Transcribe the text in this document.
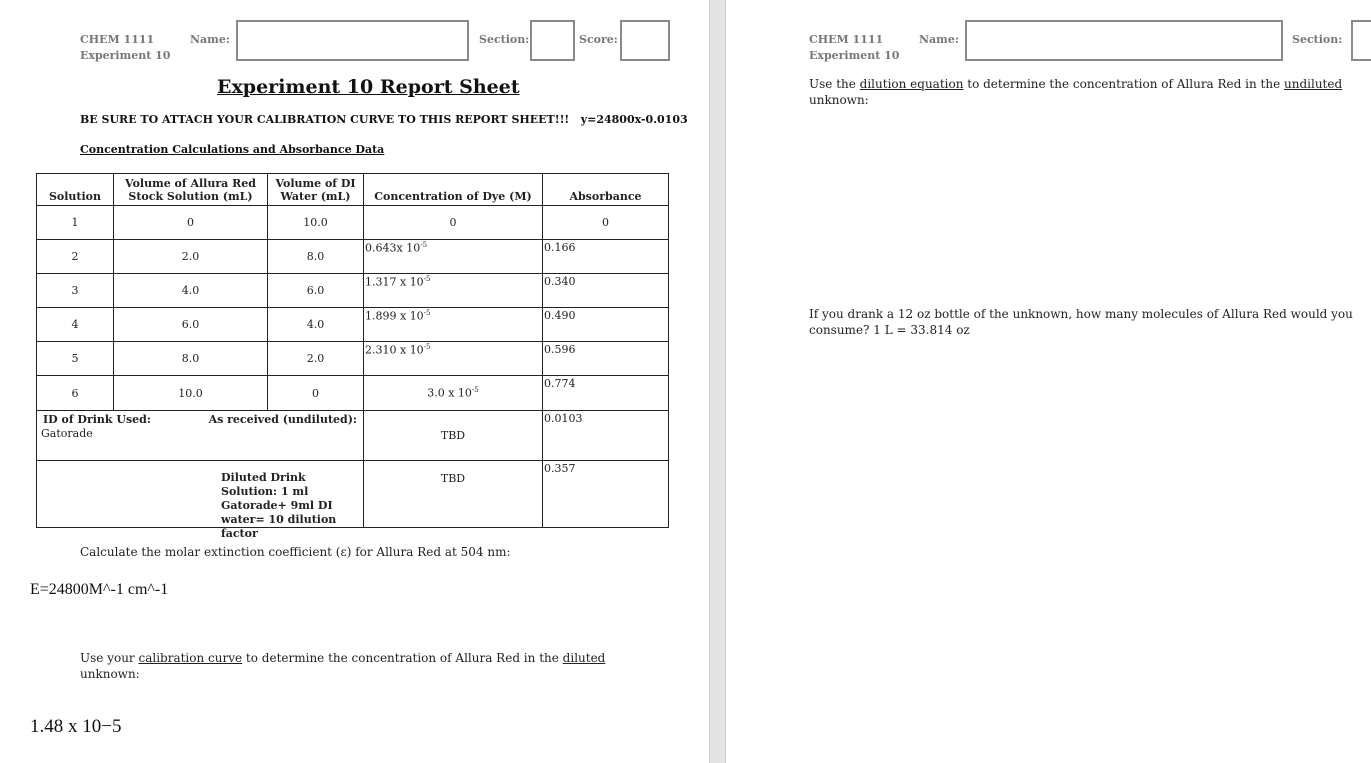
CHEM 1111
Experiment 10
Name:	Section:	Score:
Experiment 10 Report Sheet
BE SURE TO ATTACH YOUR CALIBRATION CURVE TO THIS REPORT SHEET!!! y=24800x-0.0103
Concentration Calculations and Absorbance Data
Solution	Volume of Allura Red Stock Solution (mL)	Volume of DI Water (mL)	Concentration of Dye (M)	Absorbance
1	0	10.0	0	0
2	2.0	8.0	0.643x $10^{-5}$	0.166
3	4.0	6.0	1.317 x $10^{-5}$	0.340
4	6.0	4.0	1.899 x $10^{-5}$	0.490
5	8.0	2.0	2.310 x $10^{-5}$	0.596
6	10.0	0	3.0 x $10^{-5}$	0.774

ID of Drink Used:
Gatorade
As received (undiluted):			TBD	0.0103

Diluted Drink Solution: 1 ml Gatorade+ 9ml DI water= 10 dilution factor			TBD	0.357
Calculate the molar extinction coefficient (ε) for Allura Red at 504 nm:
E=24800M^-1 cm^-1
Use your calibration curve to determine the concentration of Allura Red in the diluted
unknown:
1.48 x 10−5
Experiment 10
CHEM 1111	Name:	Section:
Use the dilution equation to determine the concentration of Allura Red in the undiluted
unknown:
If you drank a 12 oz bottle of the unknown, how many molecules of Allura Red would you consume? 1 L = 33.814 oz
